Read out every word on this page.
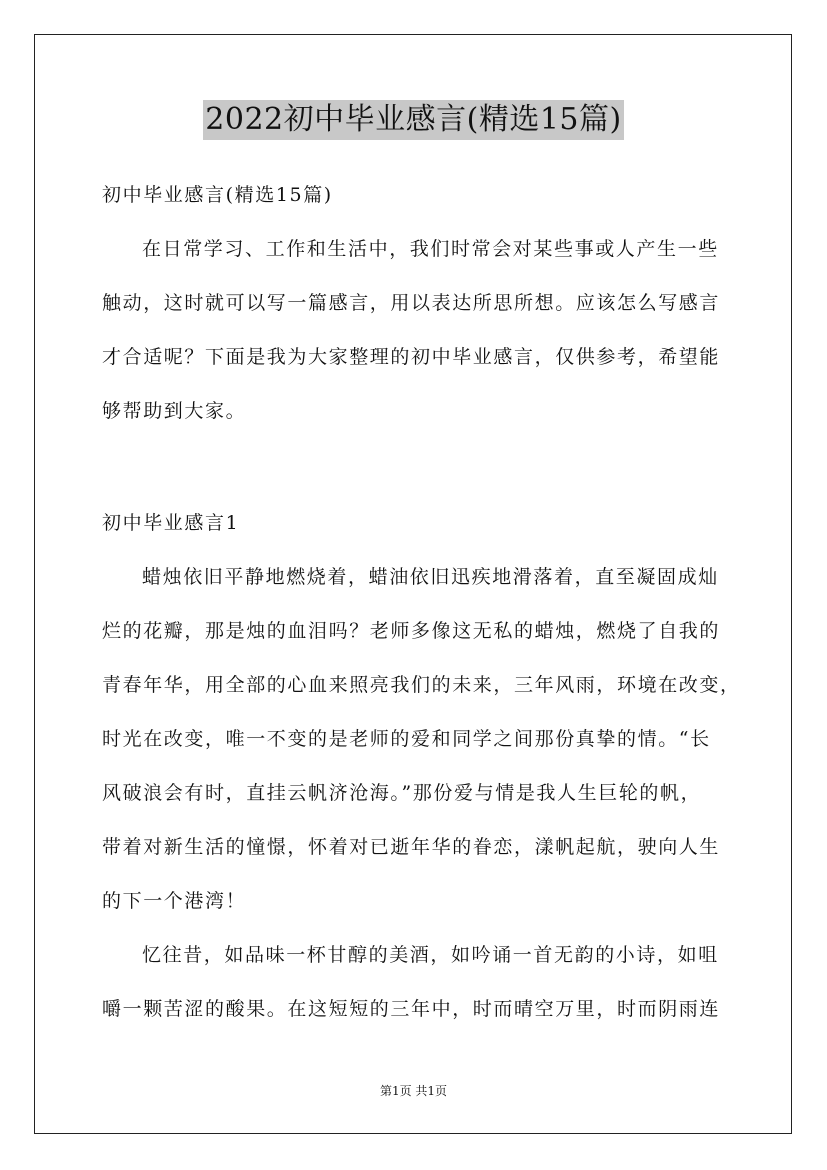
2022初中毕业感言(精选15篇)
初中毕业感言(精选15篇)
在日常学习、工作和生活中，我们时常会对某些事或人产生一些
触动，这时就可以写一篇感言，用以表达所思所想。应该怎么写感言
才合适呢？下面是我为大家整理的初中毕业感言，仅供参考，希望能
够帮助到大家。
初中毕业感言1
蜡烛依旧平静地燃烧着，蜡油依旧迅疾地滑落着，直至凝固成灿
烂的花瓣，那是烛的血泪吗？老师多像这无私的蜡烛，燃烧了自我的
青春年华，用全部的心血来照亮我们的未来，三年风雨，环境在改变，
时光在改变，唯一不变的是老师的爱和同学之间那份真挚的情。“长
风破浪会有时，直挂云帆济沧海。”那份爱与情是我人生巨轮的帆，
带着对新生活的憧憬，怀着对已逝年华的眷恋，漾帆起航，驶向人生
的下一个港湾！
忆往昔，如品味一杯甘醇的美酒，如吟诵一首无韵的小诗，如咀
嚼一颗苦涩的酸果。在这短短的三年中，时而晴空万里，时而阴雨连
第1页 共1页
